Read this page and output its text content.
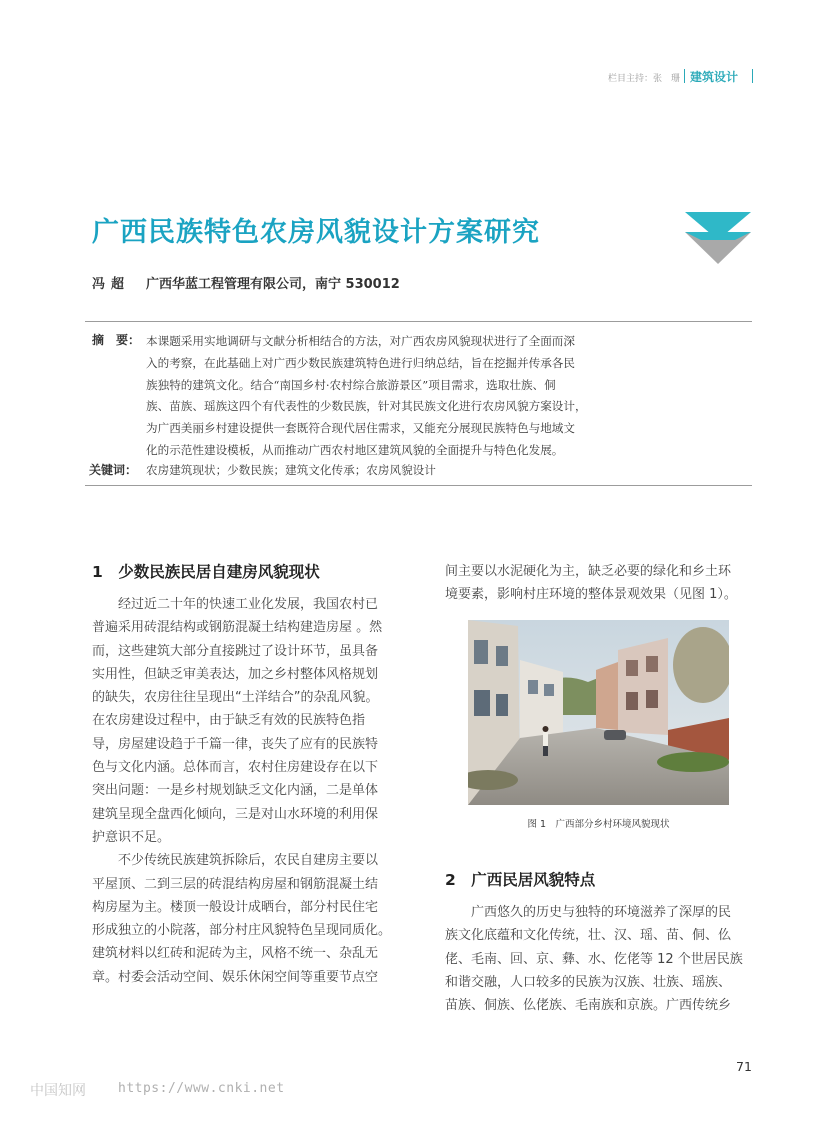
栏目主持：张　珊 建筑设计
广西民族特色农房风貌设计方案研究
冯超 广西华蓝工程管理有限公司，南宁 530012
摘　要： 本课题采用实地调研与文献分析相结合的方法，对广西农房风貌现状进行了全面而深
入的考察，在此基础上对广西少数民族建筑特色进行归纳总结，旨在挖掘并传承各民
族独特的建筑文化。结合“南国乡村·农村综合旅游景区”项目需求，选取壮族、侗
族、苗族、瑶族这四个有代表性的少数民族，针对其民族文化进行农房风貌方案设计，
为广西美丽乡村建设提供一套既符合现代居住需求，又能充分展现民族特色与地域文
化的示范性建设模板，从而推动广西农村地区建筑风貌的全面提升与特色化发展。
关键词： 农房建筑现状；少数民族；建筑文化传承；农房风貌设计
1　少数民族民居自建房风貌现状
经过近二十年的快速工业化发展，我国农村已
普遍采用砖混结构或钢筋混凝土结构建造房屋 。然
而，这些建筑大部分直接跳过了设计环节，虽具备
实用性，但缺乏审美表达，加之乡村整体风格规划
的缺失，农房往往呈现出“土洋结合”的杂乱风貌。
在农房建设过程中，由于缺乏有效的民族特色指
导，房屋建设趋于千篇一律，丧失了应有的民族特
色与文化内涵。总体而言，农村住房建设存在以下
突出问题：一是乡村规划缺乏文化内涵，二是单体
建筑呈现全盘西化倾向，三是对山水环境的利用保
护意识不足。
不少传统民族建筑拆除后，农民自建房主要以
平屋顶、二到三层的砖混结构房屋和钢筋混凝土结
构房屋为主。楼顶一般设计成晒台，部分村民住宅
形成独立的小院落，部分村庄风貌特色呈现同质化。
建筑材料以红砖和泥砖为主，风格不统一、杂乱无
章。村委会活动空间、娱乐休闲空间等重要节点空
间主要以水泥硬化为主，缺乏必要的绿化和乡土环
境要素，影响村庄环境的整体景观效果（见图 1）。
图 1　广西部分乡村环境风貌现状
2　广西民居风貌特点
广西悠久的历史与独特的环境滋养了深厚的民
族文化底蕴和文化传统，壮、汉、瑶、苗、侗、仫
佬、毛南、回、京、彝、水、仡佬等 12 个世居民族
和谐交融，人口较多的民族为汉族、壮族、瑶族、
苗族、侗族、仫佬族、毛南族和京族。广西传统乡
71
中国知网 https://www.cnki.net
